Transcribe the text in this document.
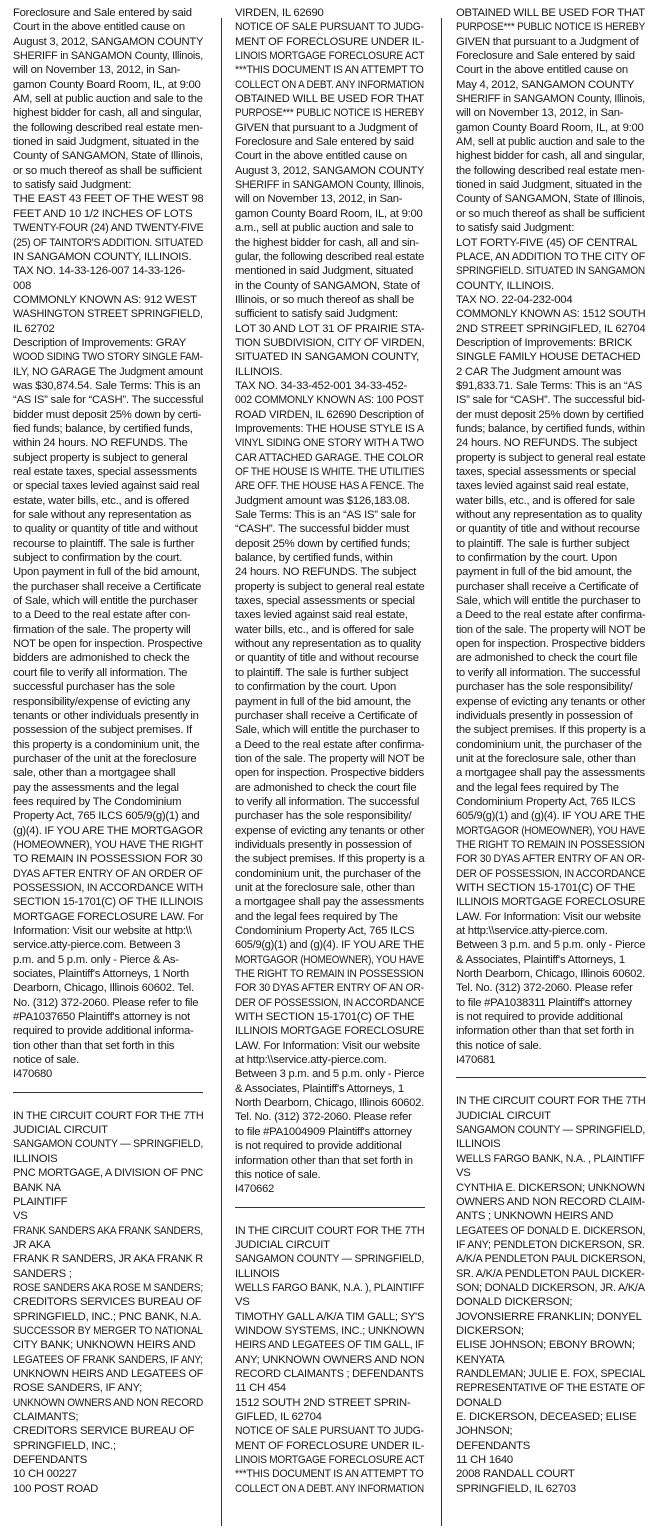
Foreclosure and Sale entered by said
Court in the above entitled cause on
August 3, 2012, SANGAMON COUNTY
SHERIFF in SANGAMON County, Illinois,
will on November 13, 2012, in San-
gamon County Board Room, IL, at 9:00
AM, sell at public auction and sale to the
highest bidder for cash, all and singular,
the following described real estate men-
tioned in said Judgment, situated in the
County of SANGAMON, State of Illinois,
or so much thereof as shall be sufficient
to satisfy said Judgment:
THE EAST 43 FEET OF THE WEST 98
FEET AND 10 1/2 INCHES OF LOTS
TWENTY-FOUR (24) AND TWENTY-FIVE
(25) OF TAINTOR'S ADDITION. SITUATED
IN SANGAMON COUNTY, ILLINOIS.
TAX NO. 14-33-126-007 14-33-126-
008
COMMONLY KNOWN AS: 912 WEST
WASHINGTON STREET SPRINGFIELD,
IL 62702
Description of Improvements: GRAY
WOOD SIDING TWO STORY SINGLE FAM-
ILY, NO GARAGE The Judgment amount
was $30,874.54. Sale Terms: This is an
“AS IS” sale for “CASH”. The successful
bidder must deposit 25% down by certi-
fied funds; balance, by certified funds,
within 24 hours. NO REFUNDS. The
subject property is subject to general
real estate taxes, special assessments
or special taxes levied against said real
estate, water bills, etc., and is offered
for sale without any representation as
to quality or quantity of title and without
recourse to plaintiff. The sale is further
subject to confirmation by the court.
Upon payment in full of the bid amount,
the purchaser shall receive a Certificate
of Sale, which will entitle the purchaser
to a Deed to the real estate after con-
firmation of the sale. The property will
NOT be open for inspection. Prospective
bidders are admonished to check the
court file to verify all information. The
successful purchaser has the sole
responsibility/expense of evicting any
tenants or other individuals presently in
possession of the subject premises. If
this property is a condominium unit, the
purchaser of the unit at the foreclosure
sale, other than a mortgagee shall
pay the assessments and the legal
fees required by The Condominium
Property Act, 765 ILCS 605/9(g)(1) and
(g)(4). IF YOU ARE THE MORTGAGOR
(HOMEOWNER), YOU HAVE THE RIGHT
TO REMAIN IN POSSESSION FOR 30
DYAS AFTER ENTRY OF AN ORDER OF
POSSESSION, IN ACCORDANCE WITH
SECTION 15-1701(C) OF THE ILLINOIS
MORTGAGE FORECLOSURE LAW. For
Information: Visit our website at http:\\
service.atty-pierce.com. Between 3
p.m. and 5 p.m. only - Pierce & As-
sociates, Plaintiff's Attorneys, 1 North
Dearborn, Chicago, Illinois 60602. Tel.
No. (312) 372-2060. Please refer to file
#PA1037650 Plaintiff's attorney is not
required to provide additional informa-
tion other than that set forth in this
notice of sale.
I470680
IN THE CIRCUIT COURT FOR THE 7TH
JUDICIAL CIRCUIT
SANGAMON COUNTY — SPRINGFIELD,
ILLINOIS
PNC MORTGAGE, A DIVISION OF PNC
BANK NA
PLAINTIFF
VS
FRANK SANDERS AKA FRANK SANDERS,
JR AKA
FRANK R SANDERS, JR AKA FRANK R
SANDERS ;
ROSE SANDERS AKA ROSE M SANDERS;
CREDITORS SERVICES BUREAU OF
SPRINGFIELD, INC.; PNC BANK, N.A.
SUCCESSOR BY MERGER TO NATIONAL
CITY BANK; UNKNOWN HEIRS AND
LEGATEES OF FRANK SANDERS, IF ANY;
UNKNOWN HEIRS AND LEGATEES OF
ROSE SANDERS, IF ANY;
UNKNOWN OWNERS AND NON RECORD
CLAIMANTS;
CREDITORS SERVICE BUREAU OF
SPRINGFIELD, INC.;
DEFENDANTS
10 CH 00227
100 POST ROAD
VIRDEN, IL 62690
NOTICE OF SALE PURSUANT TO JUDG-
MENT OF FORECLOSURE UNDER IL-
LINOIS MORTGAGE FORECLOSURE ACT
***THIS DOCUMENT IS AN ATTEMPT TO
COLLECT ON A DEBT. ANY INFORMATION
OBTAINED WILL BE USED FOR THAT
PURPOSE*** PUBLIC NOTICE IS HEREBY
GIVEN that pursuant to a Judgment of
Foreclosure and Sale entered by said
Court in the above entitled cause on
August 3, 2012, SANGAMON COUNTY
SHERIFF in SANGAMON County, Illinois,
will on November 13, 2012, in San-
gamon County Board Room, IL, at 9:00
a.m., sell at public auction and sale to
the highest bidder for cash, all and sin-
gular, the following described real estate
mentioned in said Judgment, situated
in the County of SANGAMON, State of
Illinois, or so much thereof as shall be
sufficient to satisfy said Judgment:
LOT 30 AND LOT 31 OF PRAIRIE STA-
TION SUBDIVISION, CITY OF VIRDEN,
SITUATED IN SANGAMON COUNTY,
ILLINOIS.
TAX NO. 34-33-452-001 34-33-452-
002 COMMONLY KNOWN AS: 100 POST
ROAD VIRDEN, IL 62690 Description of
Improvements: THE HOUSE STYLE IS A
VINYL SIDING ONE STORY WITH A TWO
CAR ATTACHED GARAGE. THE COLOR
OF THE HOUSE IS WHITE. THE UTILITIES
ARE OFF. THE HOUSE HAS A FENCE. The
Judgment amount was $126,183.08.
Sale Terms: This is an “AS IS” sale for
“CASH”. The successful bidder must
deposit 25% down by certified funds;
balance, by certified funds, within
24 hours. NO REFUNDS. The subject
property is subject to general real estate
taxes, special assessments or special
taxes levied against said real estate,
water bills, etc., and is offered for sale
without any representation as to quality
or quantity of title and without recourse
to plaintiff. The sale is further subject
to confirmation by the court. Upon
payment in full of the bid amount, the
purchaser shall receive a Certificate of
Sale, which will entitle the purchaser to
a Deed to the real estate after confirma-
tion of the sale. The property will NOT be
open for inspection. Prospective bidders
are admonished to check the court file
to verify all information. The successful
purchaser has the sole responsibility/
expense of evicting any tenants or other
individuals presently in possession of
the subject premises. If this property is a
condominium unit, the purchaser of the
unit at the foreclosure sale, other than
a mortgagee shall pay the assessments
and the legal fees required by The
Condominium Property Act, 765 ILCS
605/9(g)(1) and (g)(4). IF YOU ARE THE
MORTGAGOR (HOMEOWNER), YOU HAVE
THE RIGHT TO REMAIN IN POSSESSION
FOR 30 DYAS AFTER ENTRY OF AN OR-
DER OF POSSESSION, IN ACCORDANCE
WITH SECTION 15-1701(C) OF THE
ILLINOIS MORTGAGE FORECLOSURE
LAW. For Information: Visit our website
at http:\\service.atty-pierce.com.
Between 3 p.m. and 5 p.m. only - Pierce
& Associates, Plaintiff's Attorneys, 1
North Dearborn, Chicago, Illinois 60602.
Tel. No. (312) 372-2060. Please refer
to file #PA1004909 Plaintiff's attorney
is not required to provide additional
information other than that set forth in
this notice of sale.
I470662
IN THE CIRCUIT COURT FOR THE 7TH
JUDICIAL CIRCUIT
SANGAMON COUNTY — SPRINGFIELD,
ILLINOIS
WELLS FARGO BANK, N.A. ), PLAINTIFF
VS
TIMOTHY GALL A/K/A TIM GALL; SY'S
WINDOW SYSTEMS, INC.; UNKNOWN
HEIRS AND LEGATEES OF TIM GALL, IF
ANY; UNKNOWN OWNERS AND NON
RECORD CLAIMANTS ; DEFENDANTS
11 CH 454
1512 SOUTH 2ND STREET SPRIN-
GIFLED, IL 62704
NOTICE OF SALE PURSUANT TO JUDG-
MENT OF FORECLOSURE UNDER IL-
LINOIS MORTGAGE FORECLOSURE ACT
***THIS DOCUMENT IS AN ATTEMPT TO
COLLECT ON A DEBT. ANY INFORMATION
OBTAINED WILL BE USED FOR THAT
PURPOSE*** PUBLIC NOTICE IS HEREBY
GIVEN that pursuant to a Judgment of
Foreclosure and Sale entered by said
Court in the above entitled cause on
May 4, 2012, SANGAMON COUNTY
SHERIFF in SANGAMON County, Illinois,
will on November 13, 2012, in San-
gamon County Board Room, IL, at 9:00
AM, sell at public auction and sale to the
highest bidder for cash, all and singular,
the following described real estate men-
tioned in said Judgment, situated in the
County of SANGAMON, State of Illinois,
or so much thereof as shall be sufficient
to satisfy said Judgment:
LOT FORTY-FIVE (45) OF CENTRAL
PLACE, AN ADDITION TO THE CITY OF
SPRINGFIELD. SITUATED IN SANGAMON
COUNTY, ILLINOIS.
TAX NO. 22-04-232-004
COMMONLY KNOWN AS: 1512 SOUTH
2ND STREET SPRINGIFLED, IL 62704
Description of Improvements: BRICK
SINGLE FAMILY HOUSE DETACHED
2 CAR The Judgment amount was
$91,833.71. Sale Terms: This is an “AS
IS” sale for “CASH”. The successful bid-
der must deposit 25% down by certified
funds; balance, by certified funds, within
24 hours. NO REFUNDS. The subject
property is subject to general real estate
taxes, special assessments or special
taxes levied against said real estate,
water bills, etc., and is offered for sale
without any representation as to quality
or quantity of title and without recourse
to plaintiff. The sale is further subject
to confirmation by the court. Upon
payment in full of the bid amount, the
purchaser shall receive a Certificate of
Sale, which will entitle the purchaser to
a Deed to the real estate after confirma-
tion of the sale. The property will NOT be
open for inspection. Prospective bidders
are admonished to check the court file
to verify all information. The successful
purchaser has the sole responsibility/
expense of evicting any tenants or other
individuals presently in possession of
the subject premises. If this property is a
condominium unit, the purchaser of the
unit at the foreclosure sale, other than
a mortgagee shall pay the assessments
and the legal fees required by The
Condominium Property Act, 765 ILCS
605/9(g)(1) and (g)(4). IF YOU ARE THE
MORTGAGOR (HOMEOWNER), YOU HAVE
THE RIGHT TO REMAIN IN POSSESSION
FOR 30 DYAS AFTER ENTRY OF AN OR-
DER OF POSSESSION, IN ACCORDANCE
WITH SECTION 15-1701(C) OF THE
ILLINOIS MORTGAGE FORECLOSURE
LAW. For Information: Visit our website
at http:\\service.atty-pierce.com.
Between 3 p.m. and 5 p.m. only - Pierce
& Associates, Plaintiff's Attorneys, 1
North Dearborn, Chicago, Illinois 60602.
Tel. No. (312) 372-2060. Please refer
to file #PA1038311 Plaintiff's attorney
is not required to provide additional
information other than that set forth in
this notice of sale.
I470681
IN THE CIRCUIT COURT FOR THE 7TH
JUDICIAL CIRCUIT
SANGAMON COUNTY — SPRINGFIELD,
ILLINOIS
WELLS FARGO BANK, N.A. , PLAINTIFF
VS
CYNTHIA E. DICKERSON; UNKNOWN
OWNERS AND NON RECORD CLAIM-
ANTS ; UNKNOWN HEIRS AND
LEGATEES OF DONALD E. DICKERSON,
IF ANY; PENDLETON DICKERSON, SR.
A/K/A PENDLETON PAUL DICKERSON,
SR. A/K/A PENDLETON PAUL DICKER-
SON; DONALD DICKERSON, JR. A/K/A
DONALD DICKERSON;
JOVONSIERRE FRANKLIN; DONYEL
DICKERSON;
ELISE JOHNSON; EBONY BROWN;
KENYATA
RANDLEMAN; JULIE E. FOX, SPECIAL
REPRESENTATIVE OF THE ESTATE OF
DONALD
E. DICKERSON, DECEASED; ELISE
JOHNSON;
DEFENDANTS
11 CH 1640
2008 RANDALL COURT
SPRINGFIELD, IL 62703
